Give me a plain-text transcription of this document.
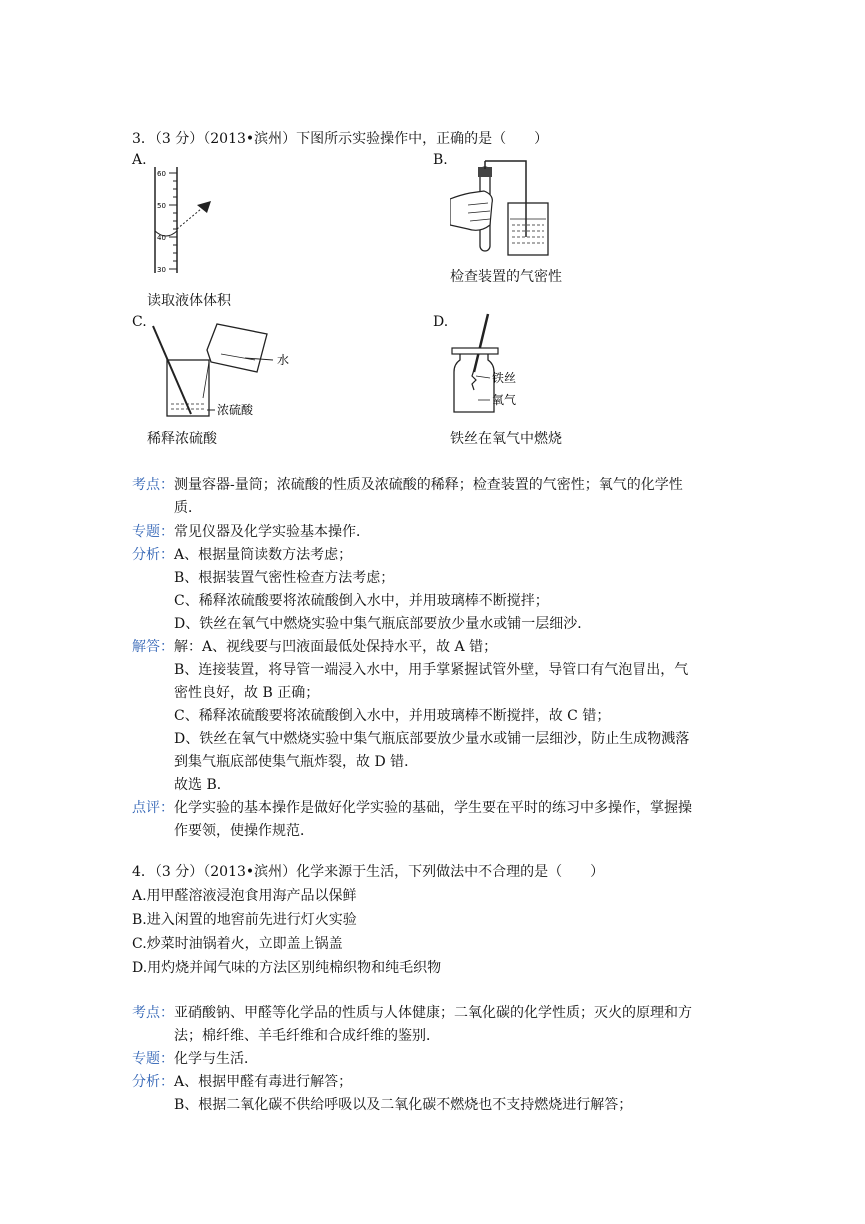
3．（3 分）（2013•滨州）下图所示实验操作中，正确的是（　　）
A.	B.
60
50
40
30
读取液体体积
检查装置的气密性
C.	D.
水
浓硫酸
稀释浓硫酸
铁丝
氧气
铁丝在氧气中燃烧
考点： 测量容器-量筒；浓硫酸的性质及浓硫酸的稀释；检查装置的气密性；氧气的化学性
质．
专题： 常见仪器及化学实验基本操作．
分析： A、根据量筒读数方法考虑；
B、根据装置气密性检查方法考虑；
C、稀释浓硫酸要将浓硫酸倒入水中，并用玻璃棒不断搅拌；
D、铁丝在氧气中燃烧实验中集气瓶底部要放少量水或铺一层细沙．
解答： 解：A、视线要与凹液面最低处保持水平，故 A 错；
B、连接装置，将导管一端浸入水中，用手掌紧握试管外壁，导管口有气泡冒出，气
密性良好，故 B 正确；
C、稀释浓硫酸要将浓硫酸倒入水中，并用玻璃棒不断搅拌，故 C 错；
D、铁丝在氧气中燃烧实验中集气瓶底部要放少量水或铺一层细沙，防止生成物溅落
到集气瓶底部使集气瓶炸裂，故 D 错．
故选 B．
点评： 化学实验的基本操作是做好化学实验的基础，学生要在平时的练习中多操作，掌握操
作要领，使操作规范．
4．（3 分）（2013•滨州）化学来源于生活，下列做法中不合理的是（　　）
A.用甲醛溶液浸泡食用海产品以保鲜
B.进入闲置的地窖前先进行灯火实验
C.炒菜时油锅着火，立即盖上锅盖
D.用灼烧并闻气味的方法区别纯棉织物和纯毛织物
考点： 亚硝酸钠、甲醛等化学品的性质与人体健康；二氧化碳的化学性质；灭火的原理和方
法；棉纤维、羊毛纤维和合成纤维的鉴别．
专题： 化学与生活．
分析： A、根据甲醛有毒进行解答；
B、根据二氧化碳不供给呼吸以及二氧化碳不燃烧也不支持燃烧进行解答；
